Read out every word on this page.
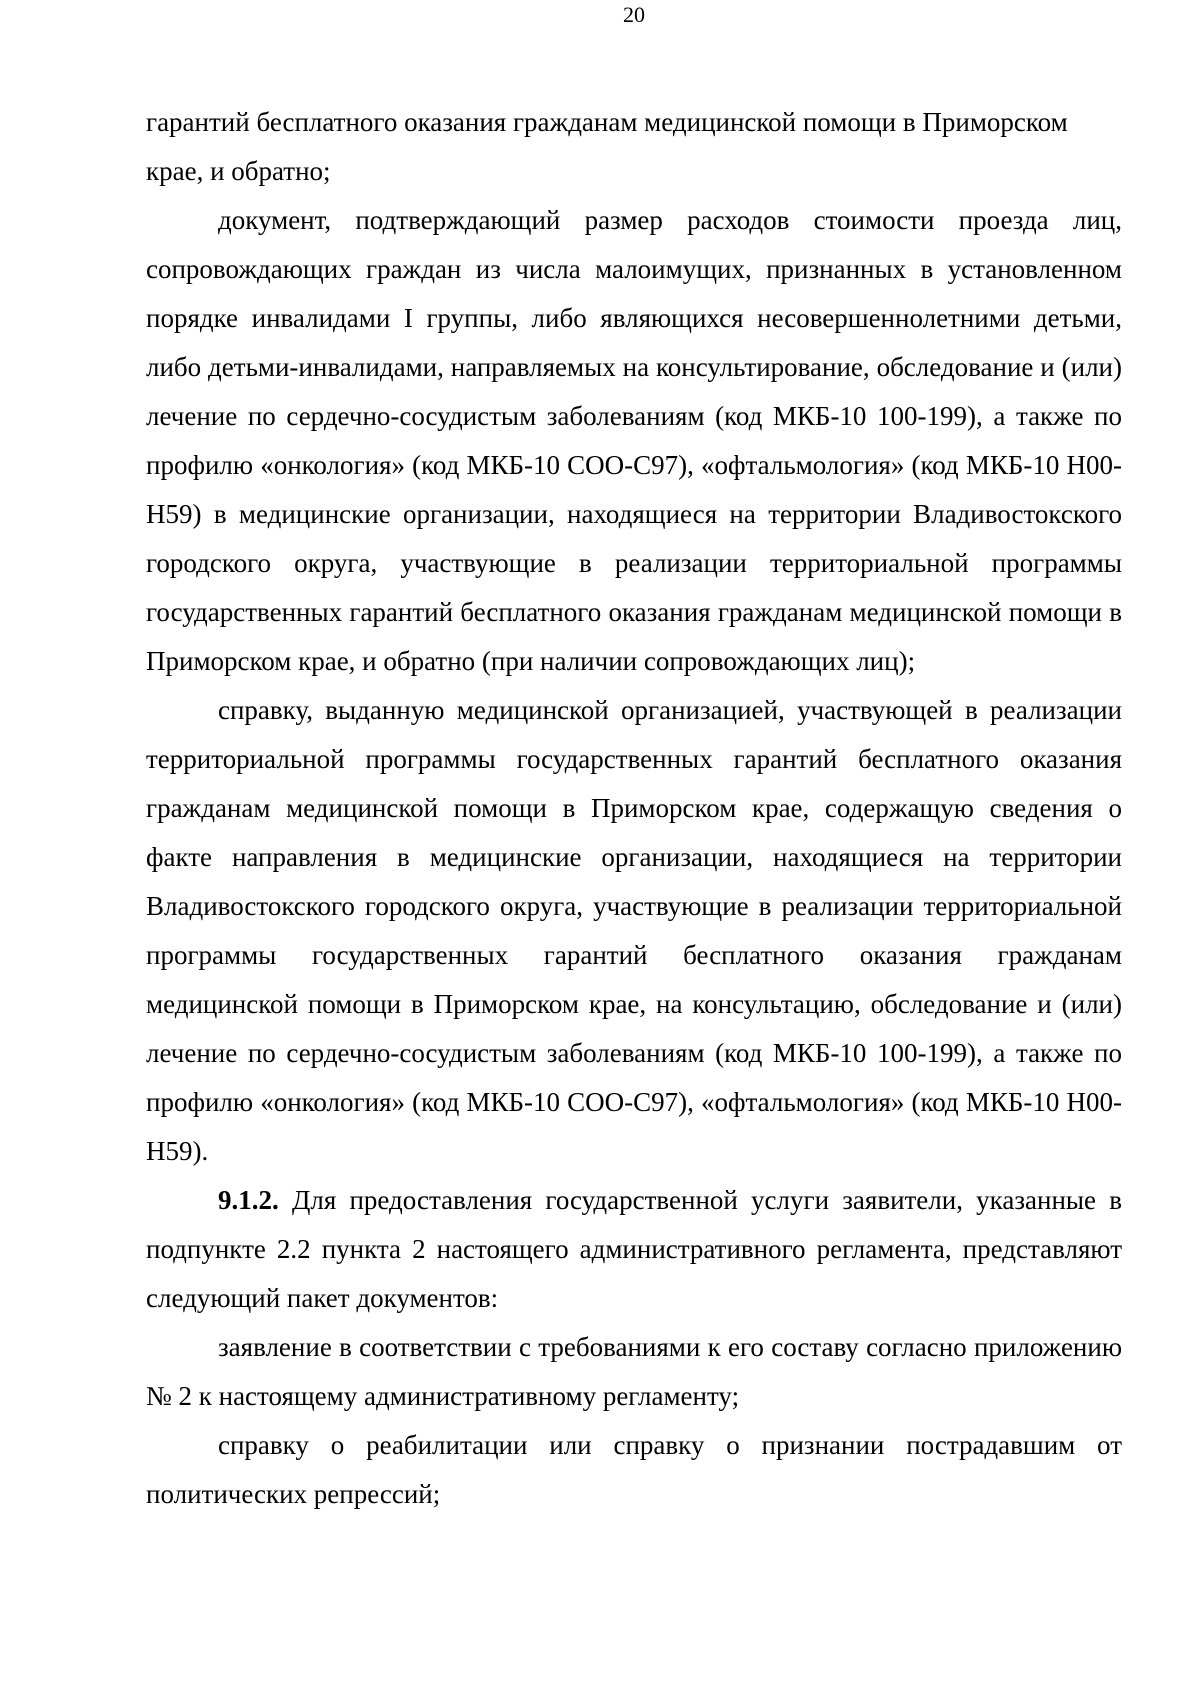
20

гарантий бесплатного оказания гражданам медицинской помощи в Приморском крае, и обратно;

документ, подтверждающий размер расходов стоимости проезда лиц, сопровождающих граждан из числа малоимущих, признанных в установленном порядке инвалидами I группы, либо являющихся несовершеннолетними детьми, либо детьми-инвалидами, направляемых на консультирование, обследование и (или) лечение по сердечно-сосудистым заболеваниям (код МКБ-10 100-199), а также по профилю «онкология» (код МКБ-10 СОО-С97), «офтальмология» (код МКБ-10 Н00-Н59) в медицинские организации, находящиеся на территории Владивостокского городского округа, участвующие в реализации территориальной программы государственных гарантий бесплатного оказания гражданам медицинской помощи в Приморском крае, и обратно (при наличии сопровождающих лиц);

справку, выданную медицинской организацией, участвующей в реализации территориальной программы государственных гарантий бесплатного оказания гражданам медицинской помощи в Приморском крае, содержащую сведения о факте направления в медицинские организации, находящиеся на территории Владивостокского городского округа, участвующие в реализации территориальной программы государственных гарантий бесплатного оказания гражданам медицинской помощи в Приморском крае, на консультацию, обследование и (или) лечение по сердечно-сосудистым заболеваниям (код МКБ-10 100-199), а также по профилю «онкология» (код МКБ-10 СОО-С97), «офтальмология» (код МКБ-10 Н00-Н59).

9.1.2. Для предоставления государственной услуги заявители, указанные в подпункте 2.2 пункта 2 настоящего административного регламента, представляют следующий пакет документов:

заявление в соответствии с требованиями к его составу согласно приложению № 2 к настоящему административному регламенту;

справку о реабилитации или справку о признании пострадавшим от политических репрессий;
